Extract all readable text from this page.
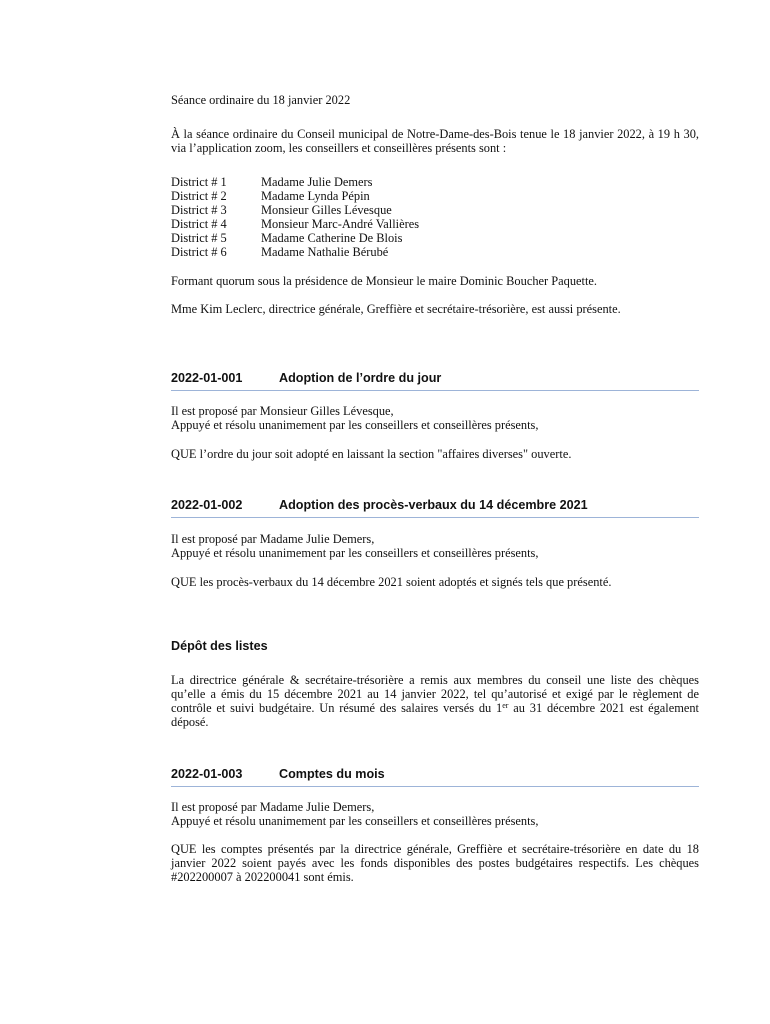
Séance ordinaire du 18 janvier 2022

À la séance ordinaire du Conseil municipal de Notre-Dame-des-Bois tenue le 18 janvier 2022, à 19 h 30, via l’application zoom, les conseillers et conseillères présents sont :

District # 1	Madame Julie Demers
District # 2	Madame Lynda Pépin
District # 3	Monsieur Gilles Lévesque
District # 4	Monsieur Marc-André Vallières
District # 5	Madame Catherine De Blois
District # 6	Madame Nathalie Bérubé

Formant quorum sous la présidence de Monsieur le maire Dominic Boucher Paquette.

Mme Kim Leclerc, directrice générale, Greffière et secrétaire-trésorière, est aussi présente.

2022-01-001	Adoption de l’ordre du jour

Il est proposé par Monsieur Gilles Lévesque,

Appuyé et résolu unanimement par les conseillers et conseillères présents,

QUE l’ordre du jour soit adopté en laissant la section "affaires diverses" ouverte.

2022-01-002	Adoption des procès-verbaux du 14 décembre 2021

Il est proposé par Madame Julie Demers,

Appuyé et résolu unanimement par les conseillers et conseillères présents,

QUE les procès-verbaux du 14 décembre 2021 soient adoptés et signés tels que présenté.

Dépôt des listes

La directrice générale & secrétaire-trésorière a remis aux membres du conseil une liste des chèques qu’elle a émis du 15 décembre 2021 au 14 janvier 2022, tel qu’autorisé et exigé par le règlement de contrôle et suivi budgétaire. Un résumé des salaires versés du 1er au 31 décembre 2021 est également déposé.

2022-01-003	Comptes du mois

Il est proposé par Madame Julie Demers,

Appuyé et résolu unanimement par les conseillers et conseillères présents,

QUE les comptes présentés par la directrice générale, Greffière et secrétaire-trésorière en date du 18 janvier 2022 soient payés avec les fonds disponibles des postes budgétaires respectifs. Les chèques #202200007 à 202200041 sont émis.
